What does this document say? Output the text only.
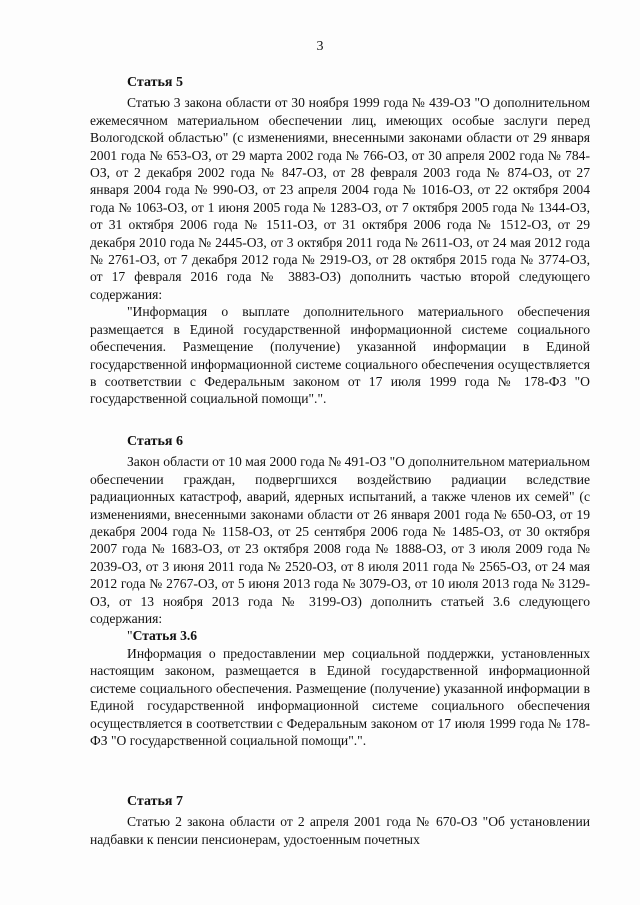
3
Статья 5

Статью 3 закона области от 30 ноября 1999 года № 439-ОЗ "О дополнительном ежемесячном материальном обеспечении лиц, имеющих особые заслуги перед Вологодской областью" (с изменениями, внесенными законами области от 29 января 2001 года № 653-ОЗ, от 29 марта 2002 года № 766-ОЗ, от 30 апреля 2002 года № 784-ОЗ, от 2 декабря 2002 года № 847-ОЗ, от 28 февраля 2003 года № 874-ОЗ, от 27 января 2004 года № 990-ОЗ, от 23 апреля 2004 года № 1016-ОЗ, от 22 октября 2004 года № 1063-ОЗ, от 1 июня 2005 года № 1283-ОЗ, от 7 октября 2005 года № 1344-ОЗ, от 31 октября 2006 года № 1511-ОЗ, от 31 октября 2006 года № 1512-ОЗ, от 29 декабря 2010 года № 2445-ОЗ, от 3 октября 2011 года № 2611-ОЗ, от 24 мая 2012 года № 2761-ОЗ, от 7 декабря 2012 года № 2919-ОЗ, от 28 октября 2015 года № 3774-ОЗ, от 17 февраля 2016 года № 3883-ОЗ) дополнить частью второй следующего содержания:

"Информация о выплате дополнительного материального обеспечения размещается в Единой государственной информационной системе социального обеспечения. Размещение (получение) указанной информации в Единой государственной информационной системе социального обеспечения осуществляется в соответствии с Федеральным законом от 17 июля 1999 года № 178-ФЗ "О государственной социальной помощи".".

Статья 6

Закон области от 10 мая 2000 года № 491-ОЗ "О дополнительном материальном обеспечении граждан, подвергшихся воздействию радиации вследствие радиационных катастроф, аварий, ядерных испытаний, а также членов их семей" (с изменениями, внесенными законами области от 26 января 2001 года № 650-ОЗ, от 19 декабря 2004 года № 1158-ОЗ, от 25 сентября 2006 года № 1485-ОЗ, от 30 октября 2007 года № 1683-ОЗ, от 23 октября 2008 года № 1888-ОЗ, от 3 июля 2009 года № 2039-ОЗ, от 3 июня 2011 года № 2520-ОЗ, от 8 июля 2011 года № 2565-ОЗ, от 24 мая 2012 года № 2767-ОЗ, от 5 июня 2013 года № 3079-ОЗ, от 10 июля 2013 года № 3129-ОЗ, от 13 ноября 2013 года № 3199-ОЗ) дополнить статьей 3.6 следующего содержания:

"Статья 3.6

Информация о предоставлении мер социальной поддержки, установленных настоящим законом, размещается в Единой государственной информационной системе социального обеспечения. Размещение (получение) указанной информации в Единой государственной информационной системе социального обеспечения осуществляется в соответствии с Федеральным законом от 17 июля 1999 года № 178-ФЗ "О государственной социальной помощи".".

Статья 7

Статью 2 закона области от 2 апреля 2001 года № 670-ОЗ "Об установлении надбавки к пенсии пенсионерам, удостоенным почетных
